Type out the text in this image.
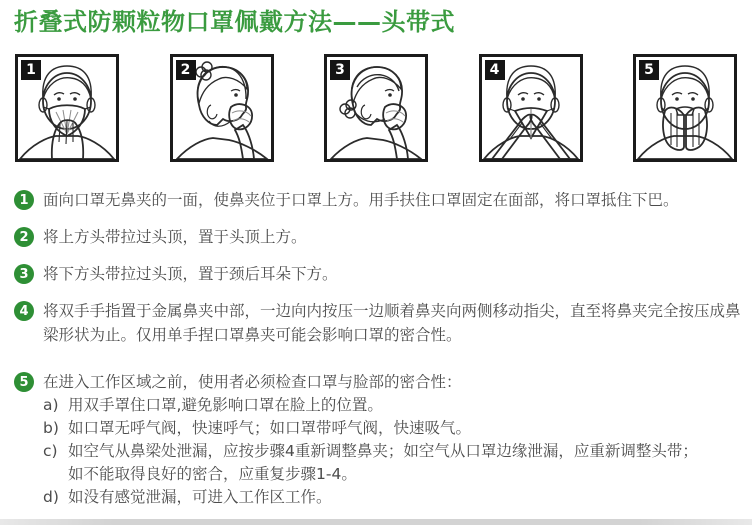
折叠式防颗粒物口罩佩戴方法——头带式
1	2	3	4	5
1 面向口罩无鼻夹的一面，使鼻夹位于口罩上方。用手扶住口罩固定在面部，将口罩抵住下巴。

2 将上方头带拉过头顶，置于头顶上方。

3 将下方头带拉过头顶，置于颈后耳朵下方。

4 将双手手指置于金属鼻夹中部，一边向内按压一边顺着鼻夹向两侧移动指尖，直至将鼻夹完全按压成鼻梁形状为止。仅用单手捏口罩鼻夹可能会影响口罩的密合性。

5 在进入工作区域之前，使用者必须检查口罩与脸部的密合性：

a) 用双手罩住口罩,避免影响口罩在脸上的位置。
b) 如口罩无呼气阀，快速呼气；如口罩带呼气阀，快速吸气。
c) 如空气从鼻梁处泄漏，应按步骤4重新调整鼻夹；如空气从口罩边缘泄漏，应重新调整头带；
如不能取得良好的密合，应重复步骤1-4。
d) 如没有感觉泄漏，可进入工作区工作。
